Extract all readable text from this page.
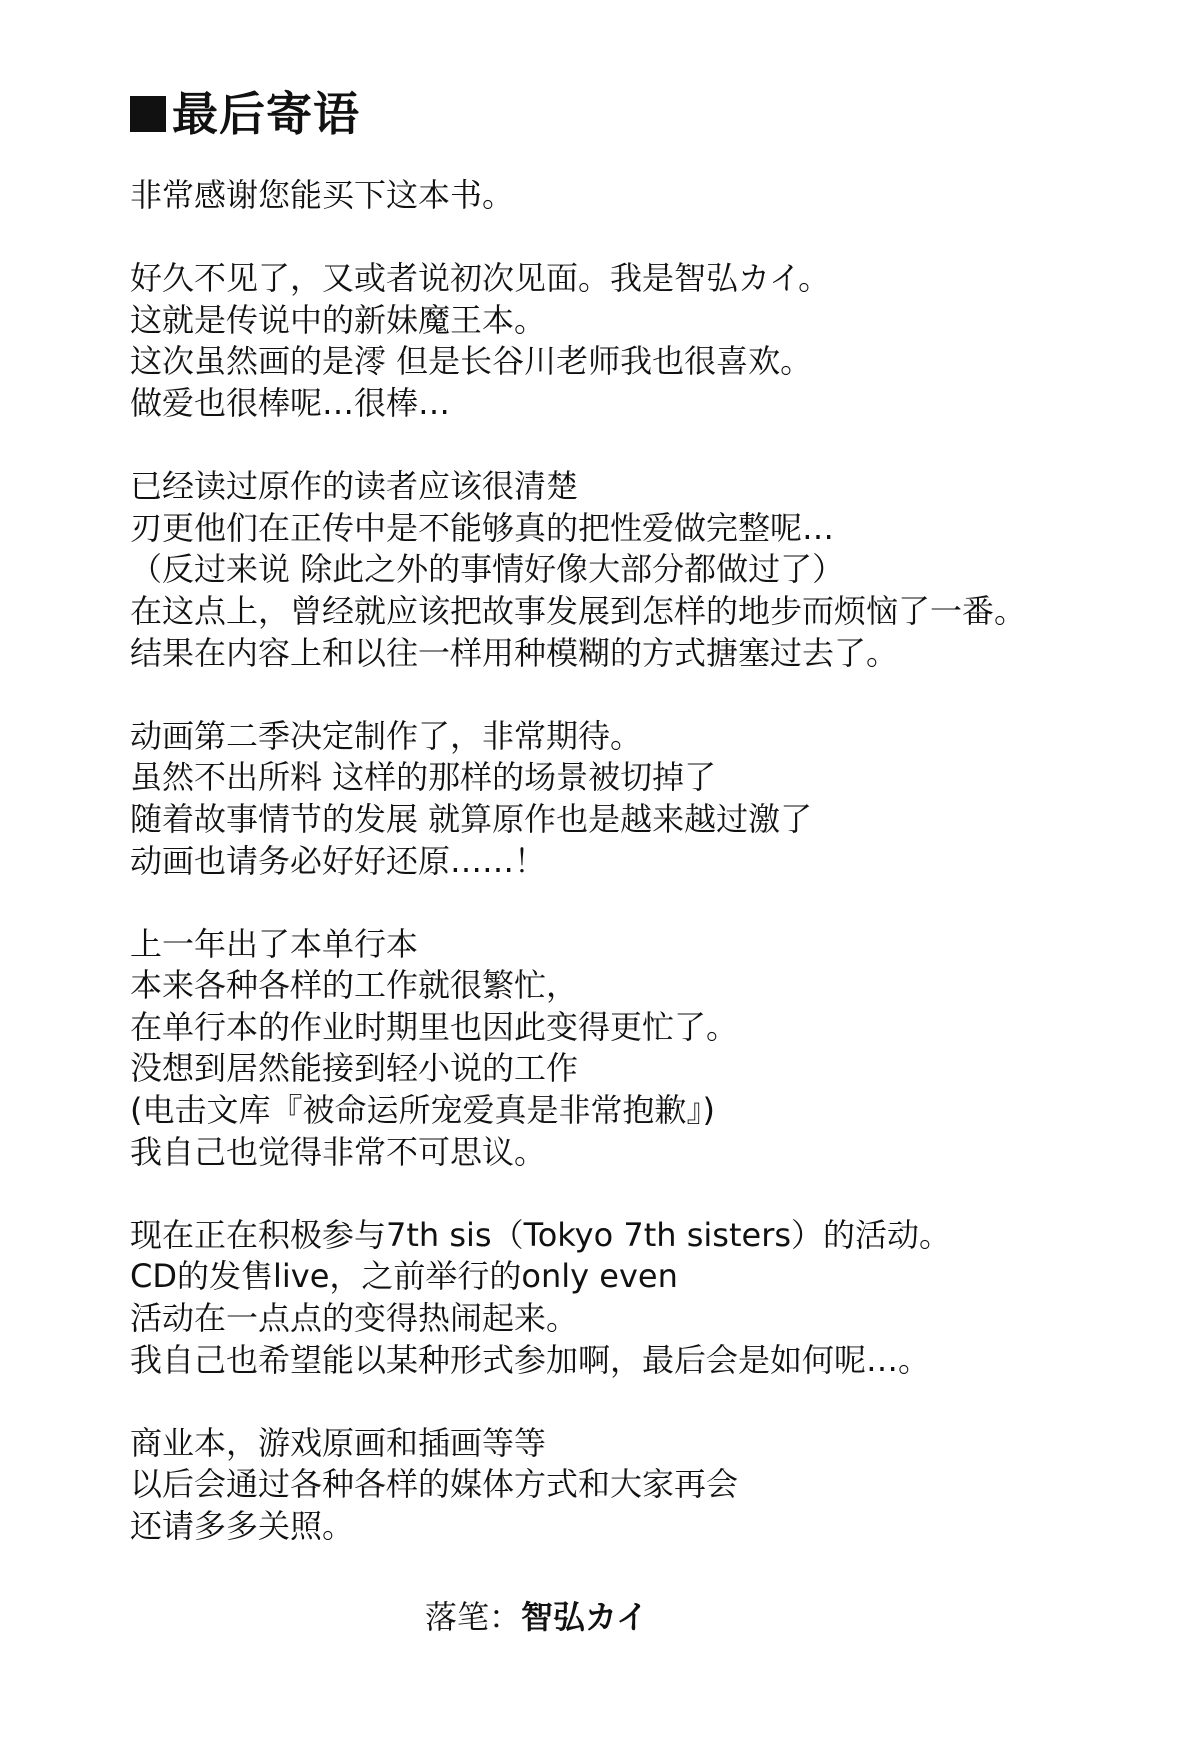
最后寄语
非常感谢您能买下这本书。
好久不见了，又或者说初次见面。我是智弘カイ。
这就是传说中的新妹魔王本。
这次虽然画的是澪 但是长谷川老师我也很喜欢。
做爱也很棒呢…很棒…
已经读过原作的读者应该很清楚
刃更他们在正传中是不能够真的把性爱做完整呢…
（反过来说 除此之外的事情好像大部分都做过了）
在这点上，曾经就应该把故事发展到怎样的地步而烦恼了一番。
结果在内容上和以往一样用种模糊的方式搪塞过去了。
动画第二季决定制作了，非常期待。
虽然不出所料 这样的那样的场景被切掉了
随着故事情节的发展 就算原作也是越来越过激了
动画也请务必好好还原……！
上一年出了本单行本
本来各种各样的工作就很繁忙，
在单行本的作业时期里也因此变得更忙了。
没想到居然能接到轻小说的工作
(电击文库『被命运所宠爱真是非常抱歉』)
我自己也觉得非常不可思议。
现在正在积极参与7th sis（Tokyo 7th sisters）的活动。
CD的发售live，之前举行的only even
活动在一点点的变得热闹起来。
我自己也希望能以某种形式参加啊，最后会是如何呢…。
商业本，游戏原画和插画等等
以后会通过各种各样的媒体方式和大家再会
还请多多关照。
落笔： 智弘カイ
